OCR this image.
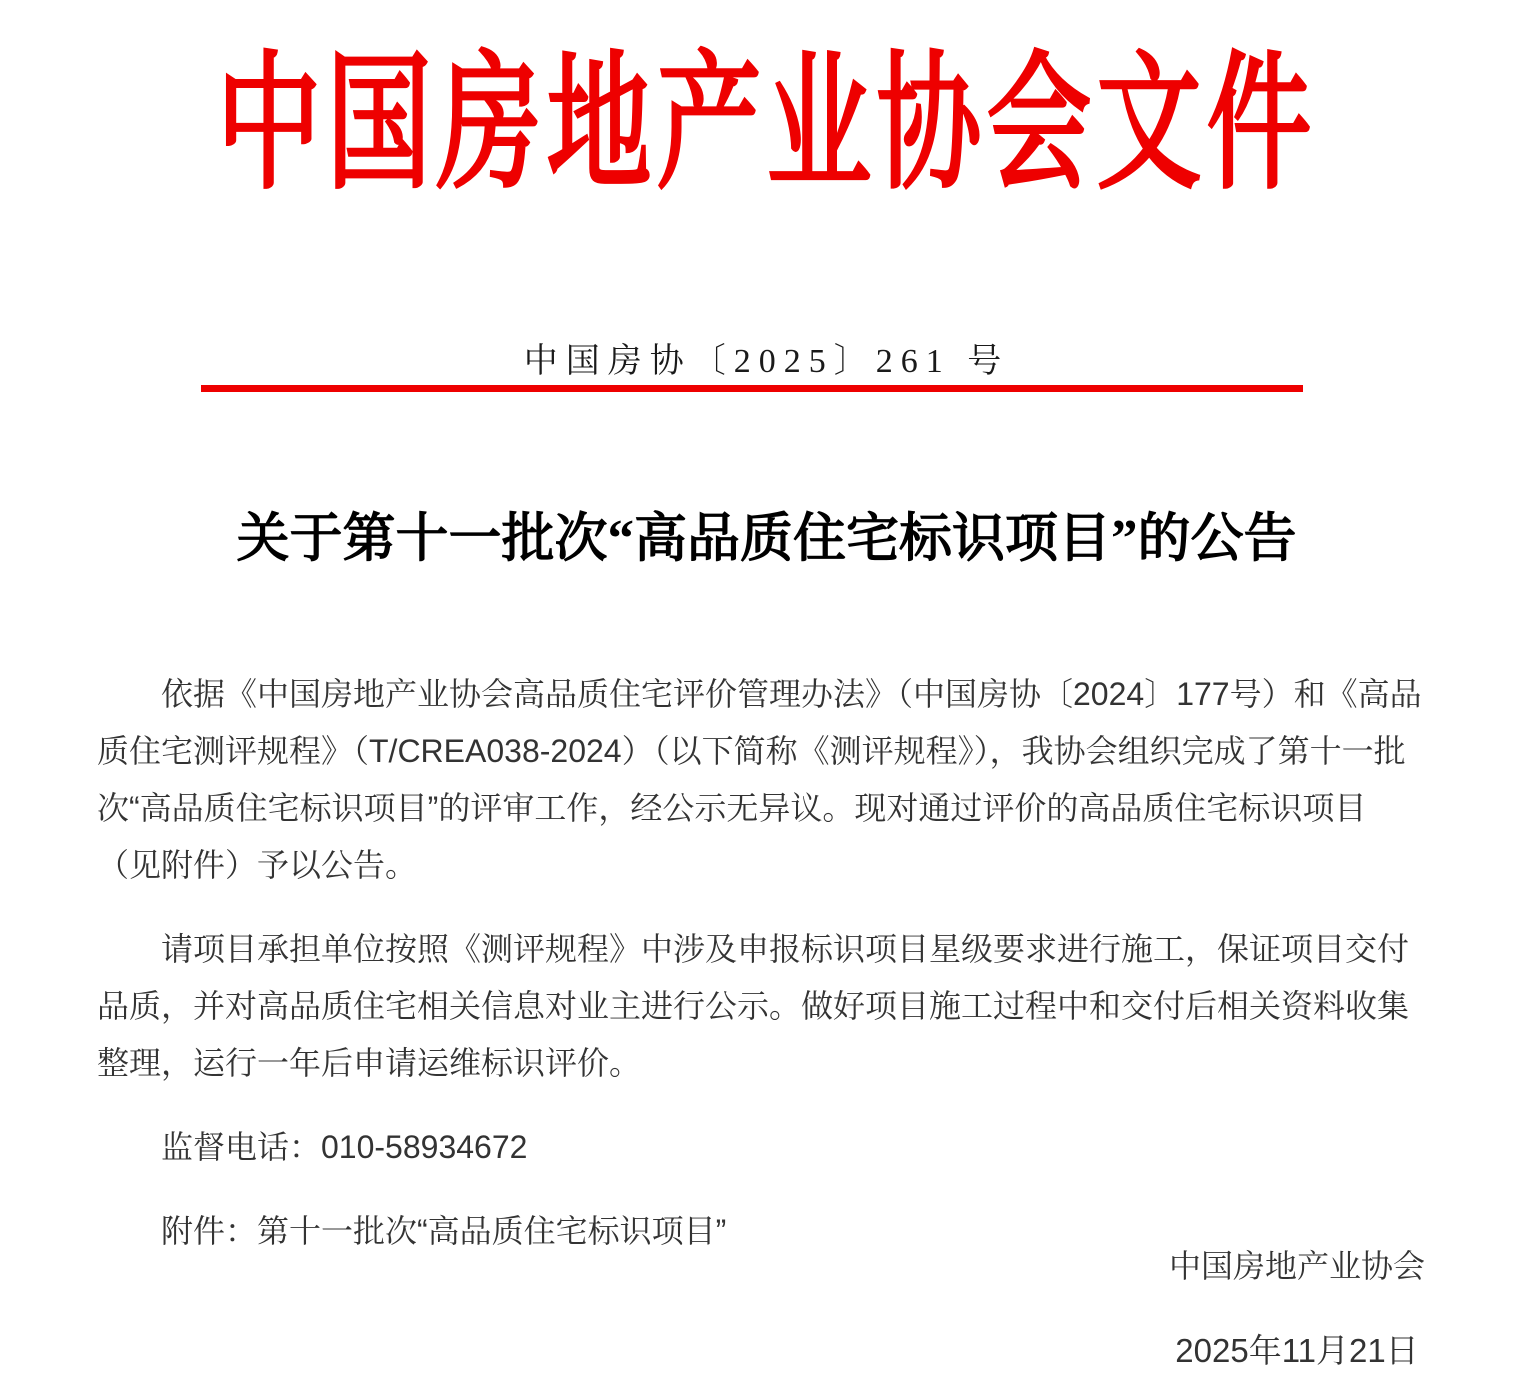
中国房地产业协会文件
中国房协〔2025〕261 号
关于第十一批次“高品质住宅标识项目”的公告

依据《中国房地产业协会高品质住宅评价管理办法》（中国房协〔2024〕177号）和《高品质住宅测评规程》（T/CREA038-2024）（以下简称《测评规程》），我协会组织完成了第十一批次“高品质住宅标识项目”的评审工作，经公示无异议。现对通过评价的高品质住宅标识项目（见附件）予以公告。

请项目承担单位按照《测评规程》中涉及申报标识项目星级要求进行施工，保证项目交付品质，并对高品质住宅相关信息对业主进行公示。做好项目施工过程中和交付后相关资料收集整理，运行一年后申请运维标识评价。

监督电话：010-58934672

附件：第十一批次“高品质住宅标识项目”

中国房地产业协会
2025年11月21日
